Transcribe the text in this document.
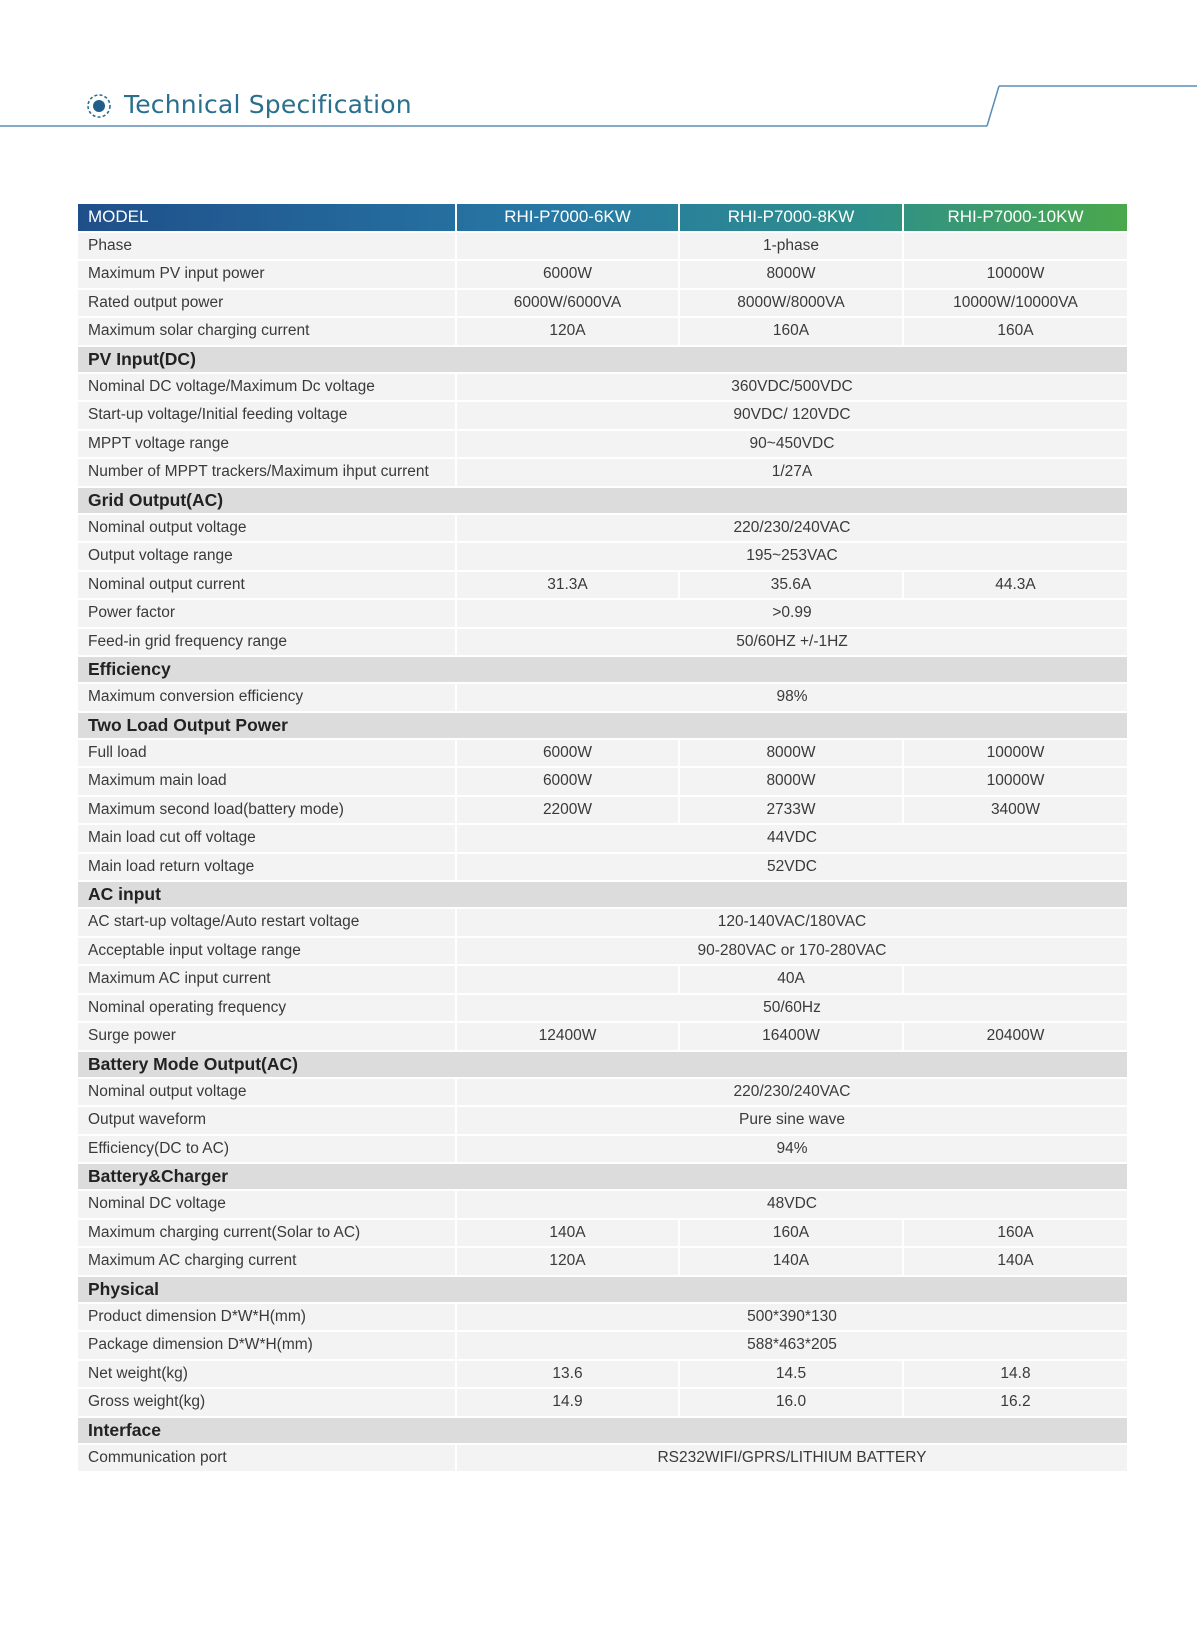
Technical Specification
MODEL	RHI-P7000-6KW	RHI-P7000-8KW	RHI-P7000-10KW
Phase		1-phase	
Maximum PV input power	6000W	8000W	10000W
Rated output power	6000W/6000VA	8000W/8000VA	10000W/10000VA
Maximum solar charging current	120A	160A	160A
PV Input(DC)			
Nominal DC voltage/Maximum Dc voltage	360VDC/500VDC		
Start-up voltage/Initial feeding voltage	90VDC/ 120VDC		
MPPT voltage range	90~450VDC		
Number of MPPT trackers/Maximum ihput current	1/27A		
Grid Output(AC)			
Nominal output voltage	220/230/240VAC		
Output voltage range	195~253VAC		
Nominal output current	31.3A	35.6A	44.3A
Power factor	>0.99		
Feed-in grid frequency range	50/60HZ +/-1HZ		
Efficiency			
Maximum conversion efficiency	98%		
Two Load Output Power			
Full load	6000W	8000W	10000W
Maximum main load	6000W	8000W	10000W
Maximum second load(battery mode)	2200W	2733W	3400W
Main load cut off voltage	44VDC		
Main load return voltage	52VDC		
AC input			
AC start-up voltage/Auto restart voltage	120-140VAC/180VAC		
Acceptable input voltage range	90-280VAC or 170-280VAC		
Maximum AC input current		40A	
Nominal operating frequency	50/60Hz		
Surge power	12400W	16400W	20400W
Battery Mode Output(AC)			
Nominal output voltage	220/230/240VAC		
Output waveform	Pure sine wave		
Efficiency(DC to AC)	94%		
Battery&Charger			
Nominal DC voltage	48VDC		
Maximum charging current(Solar to AC)	140A	160A	160A
Maximum AC charging current	120A	140A	140A
Physical			
Product dimension D*W*H(mm)	500*390*130		
Package dimension D*W*H(mm)	588*463*205		
Net weight(kg)	13.6	14.5	14.8
Gross weight(kg)	14.9	16.0	16.2
Interface			
Communication port	RS232WIFI/GPRS/LITHIUM BATTERY		
